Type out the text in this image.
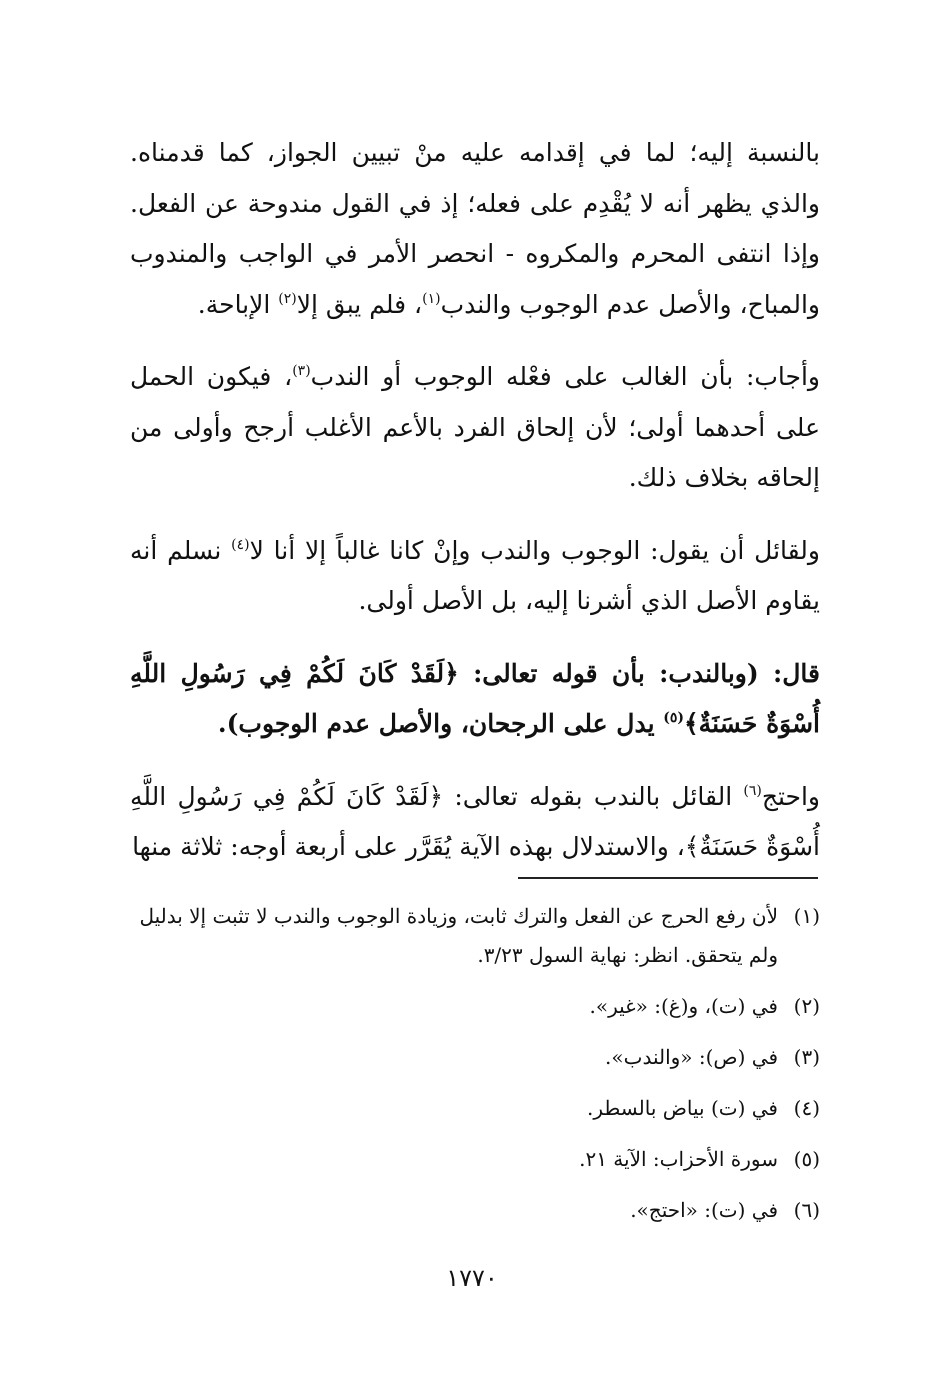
بالنسبة إليه؛ لما في إقدامه عليه منْ تبيين الجواز، كما قدمناه. والذي يظهر أنه لا يُقْدِم على فعله؛ إذ في القول مندوحة عن الفعل. وإذا انتفى المحرم والمكروه - انحصر الأمر في الواجب والمندوب والمباح، والأصل عدم الوجوب والندب$^{(١)}$، فلم يبق إلا$^{(٢)}$ الإباحة.

وأجاب: بأن الغالب على فعْله الوجوب أو الندب$^{(٣)}$، فيكون الحمل على أحدهما أولى؛ لأن إلحاق الفرد بالأعم الأغلب أرجح وأولى من إلحاقه بخلاف ذلك.

ولقائل أن يقول: الوجوب والندب وإنْ كانا غالباً إلا أنا لا$^{(٤)}$ نسلم أنه يقاوم الأصل الذي أشرنا إليه، بل الأصل أولى.

قال: (وبالندب: بأن قوله تعالى: ﴿لَقَدْ كَانَ لَكُمْ فِي رَسُولِ اللَّهِ أُسْوَةٌ حَسَنَةٌ﴾$^{(٥)}$ يدل على الرجحان، والأصل عدم الوجوب).

واحتج$^{(٦)}$ القائل بالندب بقوله تعالى: ﴿لَقَدْ كَانَ لَكُمْ فِي رَسُولِ اللَّهِ أُسْوَةٌ حَسَنَةٌ﴾، والاستدلال بهذه الآية يُقَرَّر على أربعة أوجه: ثلاثة منها

(١)لأن رفع الحرج عن الفعل والترك ثابت، وزيادة الوجوب والندب لا تثبت إلا بدليل
ولم يتحقق. انظر: نهاية السول ٣/٢٣.
(٢)في (ت)، و(غ): «غير».
(٣)في (ص): «والندب».
(٤)في (ت) بياض بالسطر.
(٥)سورة الأحزاب: الآية ٢١.
(٦)في (ت): «احتج».
١٧٧٠
